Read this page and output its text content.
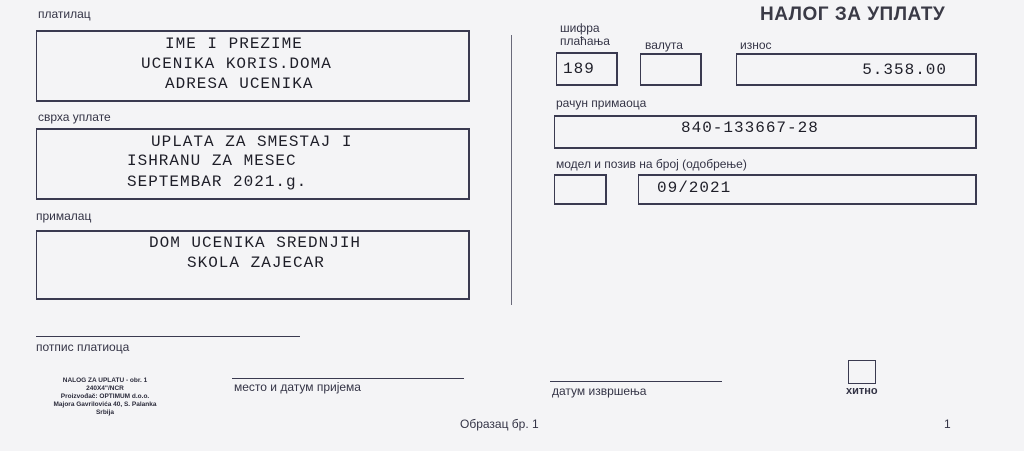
НАЛОГ ЗА УПЛАТУ
платилац
IME I PREZIME
UCENIKA KORIS.DOMA
ADRESA UCENIKA
сврха уплате
UPLATA ZA SMESTAJ I
ISHRANU ZA MESEC
SEPTEMBAR 2021.g.
прималац
DOM UCENIKA SREDNJIH
SKOLA ZAJECAR
шифра
плаћања
189
валута	износ
5.358.00
рачун примаоца
840-133667-28
модел и позив на број (одобрење)
09/2021
потпис платиоца
NALOG ZA UPLATU - obr. 1
240X4"/NCR
Proizvođač: OPTIMUM d.o.o.
Majora Gavrilovića 40, S. Palanka
Srbija
место и датум пријема	датум извршења	хитно
Образац бр. 1	1
